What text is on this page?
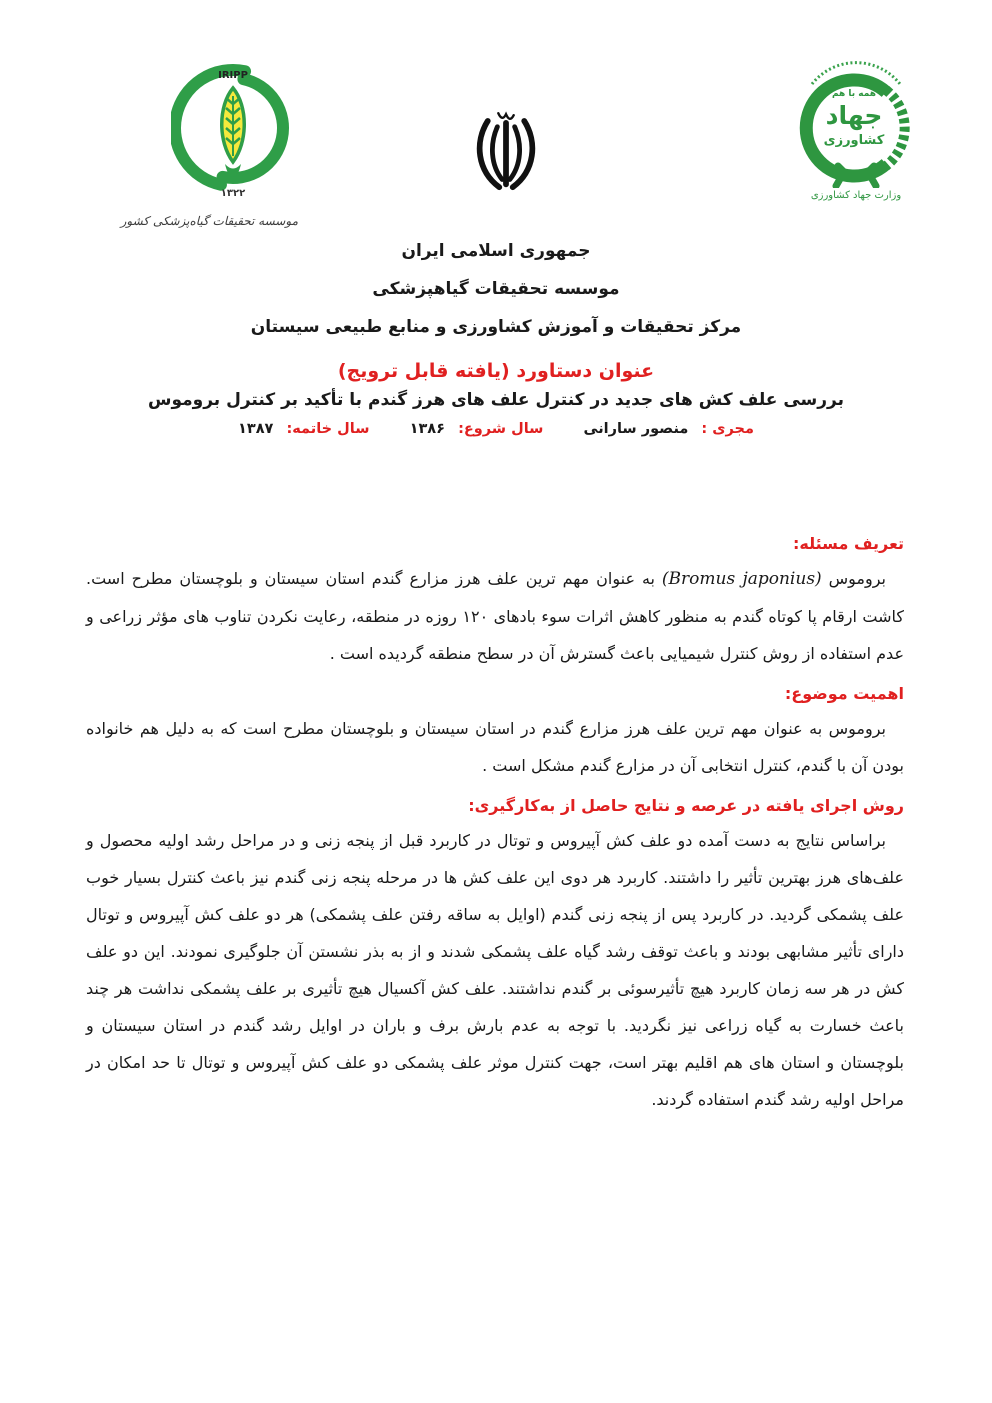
IRIPP
۱۳۲۲
موسسه تحقیقات گیاه‌پزشکی کشور
همه با هم
جهاد
کشاورزی
وزارت جهاد کشاورزی
جمهوری اسلامی ایران
موسسه تحقیقات گیاهپزشکی
مرکز تحقیقات و آموزش کشاورزی و منابع طبیعی سیستان
عنوان دستاورد (یافته قابل ترویج)
بررسی علف کش های جدید در کنترل علف های هرز گندم با تأکید بر کنترل بروموس
مجری : منصور سارانی  سال شروع: ۱۳۸۶  سال خاتمه: ۱۳۸۷
تعریف مسئله:

بروموس (Bromus japonius) به عنوان مهم ترین علف هرز مزارع گندم استان سیستان و بلوچستان مطرح است. کاشت ارقام پا کوتاه گندم به منظور کاهش اثرات سوء بادهای ۱۲۰ روزه در منطقه، رعایت نکردن تناوب های مؤثر زراعی و عدم استفاده از روش کنترل شیمیایی باعث گسترش آن در سطح منطقه گردیده است .

اهمیت موضوع:

بروموس به عنوان مهم ترین علف هرز مزارع گندم در استان سیستان و بلوچستان مطرح است که به دلیل هم خانواده بودن آن با گندم، کنترل انتخابی آن در مزارع گندم مشکل است .

روش اجرای یافته در عرصه و نتایج حاصل از به‌کارگیری:

براساس نتایج به دست آمده دو علف کش آپیروس و توتال در کاربرد قبل از پنجه زنی و در مراحل رشد اولیه محصول و علف‌های هرز بهترین تأثیر را داشتند. کاربرد هر دوی این علف کش ها در مرحله پنجه زنی گندم نیز باعث کنترل بسیار خوب علف پشمکی گردید. در کاربرد پس از پنجه زنی گندم (اوایل به ساقه رفتن علف پشمکی) هر دو علف کش آپیروس و توتال دارای تأثیر مشابهی بودند و باعث توقف رشد گیاه علف پشمکی شدند و از به بذر نشستن آن جلوگیری نمودند. این دو علف کش در هر سه زمان کاربرد هیچ تأثیرسوئی بر گندم نداشتند. علف کش آکسیال هیچ تأثیری بر علف پشمکی نداشت هر چند باعث خسارت به گیاه زراعی نیز نگردید. با توجه به عدم بارش برف و باران در اوایل رشد گندم در استان سیستان و بلوچستان و استان های هم اقلیم بهتر است، جهت کنترل موثر علف پشمکی دو علف کش آپیروس و توتال تا حد امکان در مراحل اولیه رشد گندم استفاده گردند.
